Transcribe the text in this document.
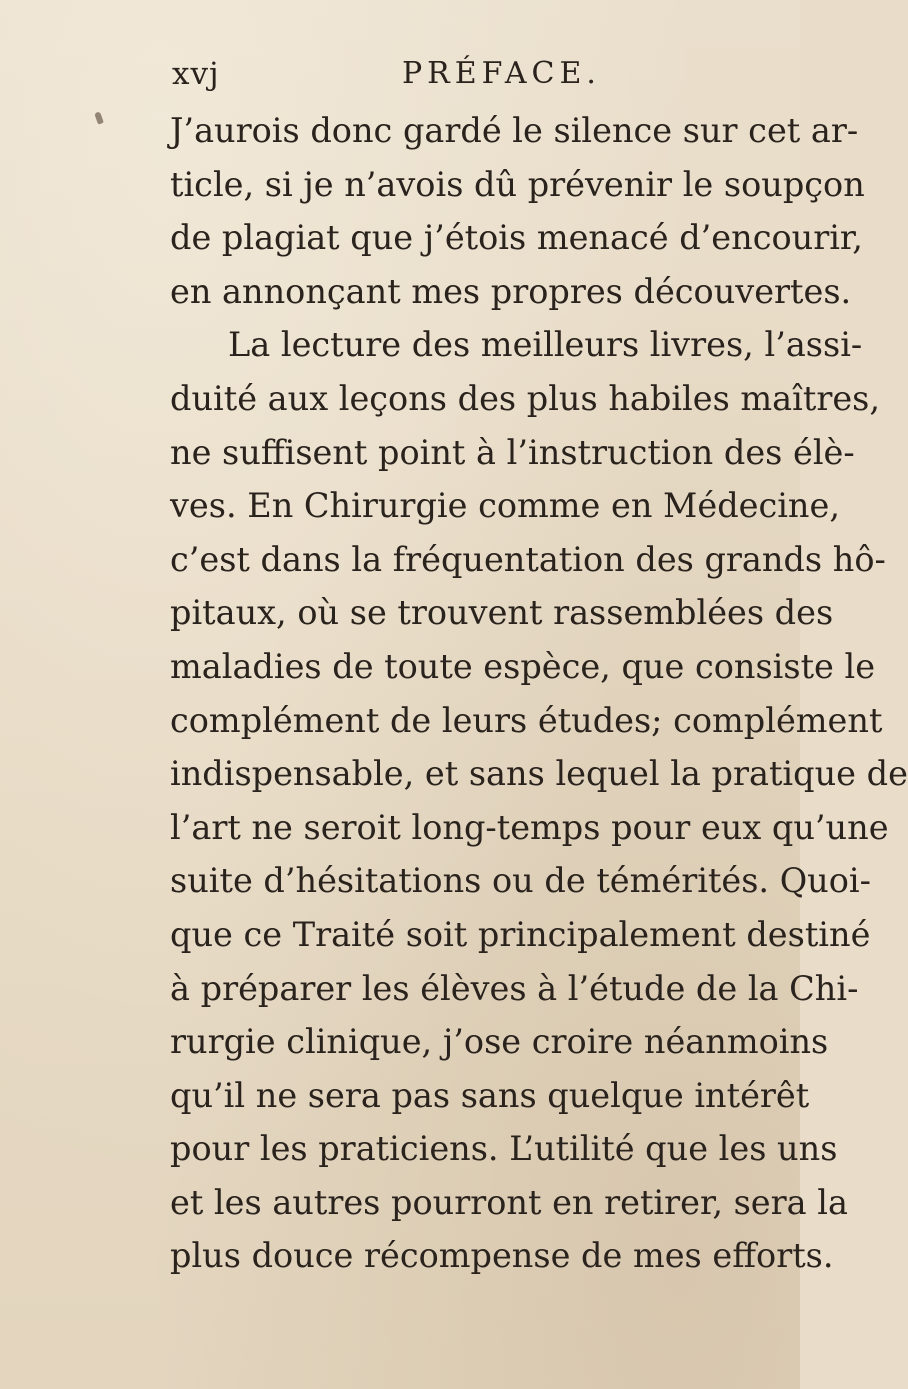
xvj	PRÉFACE.
J’aurois donc gardé le silence sur cet ar-
ticle, si je n’avois dû prévenir le soupçon
de plagiat que j’étois menacé d’encourir,
en annonçant mes propres découvertes.
La lecture des meilleurs livres, l’assi-
duité aux leçons des plus habiles maîtres,
ne suffisent point à l’instruction des élè-
ves. En Chirurgie comme en Médecine,
c’est dans la fréquentation des grands hô-
pitaux, où se trouvent rassemblées des
maladies de toute espèce, que consiste le
complément de leurs études; complément
indispensable, et sans lequel la pratique de
l’art ne seroit long-temps pour eux qu’une
suite d’hésitations ou de témérités. Quoi-
que ce Traité soit principalement destiné
à préparer les élèves à l’étude de la Chi-
rurgie clinique, j’ose croire néanmoins
qu’il ne sera pas sans quelque intérêt
pour les praticiens. L’utilité que les uns
et les autres pourront en retirer, sera la
plus douce récompense de mes efforts.
